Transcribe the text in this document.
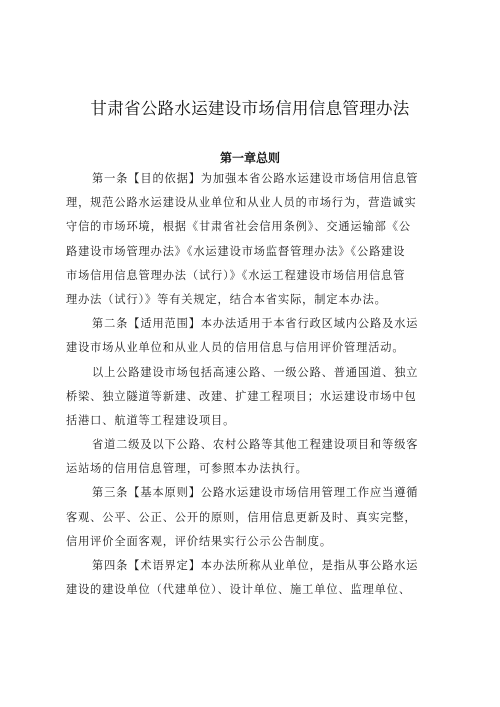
甘肃省公路水运建设市场信用信息管理办法
第一章总则
第一条【目的依据】为加强本省公路水运建设市场信用信息管
理，规范公路水运建设从业单位和从业人员的市场行为，营造诚实
守信的市场环境，根据《甘肃省社会信用条例》、交通运输部《公
路建设市场管理办法》《水运建设市场监督管理办法》《公路建设
市场信用信息管理办法（试行）》《水运工程建设市场信用信息管
理办法（试行）》等有关规定，结合本省实际，制定本办法。
第二条【适用范围】本办法适用于本省行政区域内公路及水运
建设市场从业单位和从业人员的信用信息与信用评价管理活动。
以上公路建设市场包括高速公路、一级公路、普通国道、独立
桥梁、独立隧道等新建、改建、扩建工程项目；水运建设市场中包
括港口、航道等工程建设项目。
省道二级及以下公路、农村公路等其他工程建设项目和等级客
运站场的信用信息管理，可参照本办法执行。
第三条【基本原则】公路水运建设市场信用管理工作应当遵循
客观、公平、公正、公开的原则，信用信息更新及时、真实完整，
信用评价全面客观，评价结果实行公示公告制度。
第四条【术语界定】本办法所称从业单位，是指从事公路水运
建设的建设单位（代建单位）、设计单位、施工单位、监理单位、
